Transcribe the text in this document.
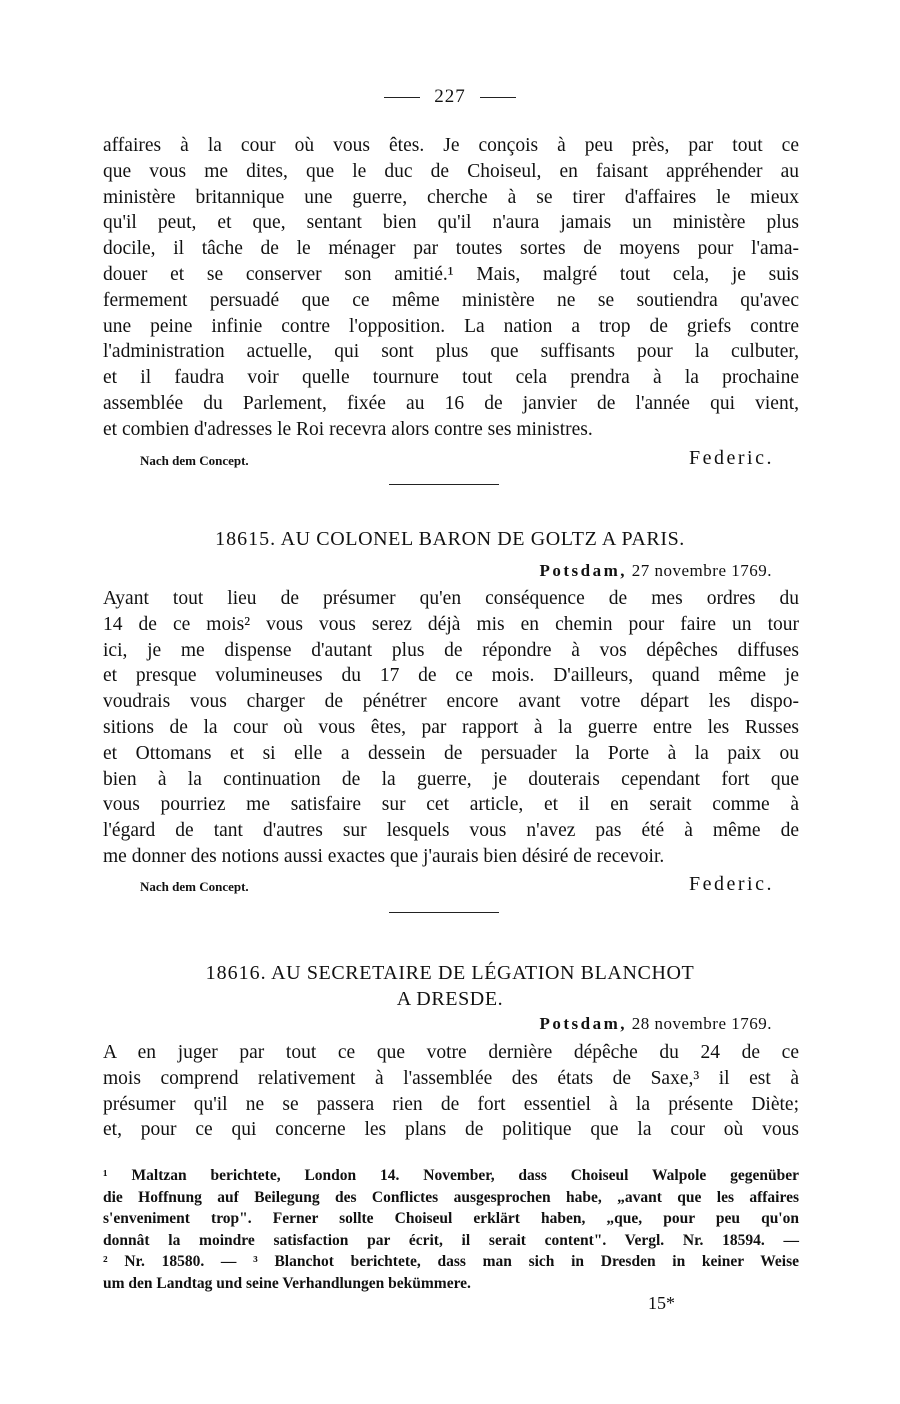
227
affaires à la cour où vous êtes. Je conçois à peu près, par tout ce
que vous me dites, que le duc de Choiseul, en faisant appréhender au
ministère britannique une guerre, cherche à se tirer d'affaires le mieux
qu'il peut, et que, sentant bien qu'il n'aura jamais un ministère plus
docile, il tâche de le ménager par toutes sortes de moyens pour l'ama-
douer et se conserver son amitié.¹ Mais, malgré tout cela, je suis
fermement persuadé que ce même ministère ne se soutiendra qu'avec
une peine infinie contre l'opposition. La nation a trop de griefs contre
l'administration actuelle, qui sont plus que suffisants pour la culbuter,
et il faudra voir quelle tournure tout cela prendra à la prochaine
assemblée du Parlement, fixée au 16 de janvier de l'année qui vient,
et combien d'adresses le Roi recevra alors contre ses ministres.
Nach dem Concept.	Federic.
18615. AU COLONEL BARON DE GOLTZ A PARIS.
Potsdam, 27 novembre 1769.
Ayant tout lieu de présumer qu'en conséquence de mes ordres du
14 de ce mois² vous vous serez déjà mis en chemin pour faire un tour
ici, je me dispense d'autant plus de répondre à vos dépêches diffuses
et presque volumineuses du 17 de ce mois. D'ailleurs, quand même je
voudrais vous charger de pénétrer encore avant votre départ les dispo-
sitions de la cour où vous êtes, par rapport à la guerre entre les Russes
et Ottomans et si elle a dessein de persuader la Porte à la paix ou
bien à la continuation de la guerre, je douterais cependant fort que
vous pourriez me satisfaire sur cet article, et il en serait comme à
l'égard de tant d'autres sur lesquels vous n'avez pas été à même de
me donner des notions aussi exactes que j'aurais bien désiré de recevoir.
Nach dem Concept.	Federic.
18616. AU SECRETAIRE DE LÉGATION BLANCHOT
A DRESDE.
Potsdam, 28 novembre 1769.
A en juger par tout ce que votre dernière dépêche du 24 de ce
mois comprend relativement à l'assemblée des états de Saxe,³ il est à
présumer qu'il ne se passera rien de fort essentiel à la présente Diète;
et, pour ce qui concerne les plans de politique que la cour où vous
¹ Maltzan berichtete, London 14. November, dass Choiseul Walpole gegenüber
die Hoffnung auf Beilegung des Conflictes ausgesprochen habe, „avant que les affaires
s'enveniment trop". Ferner sollte Choiseul erklärt haben, „que, pour peu qu'on
donnât la moindre satisfaction par écrit, il serait content". Vergl. Nr. 18594. —
² Nr. 18580. — ³ Blanchot berichtete, dass man sich in Dresden in keiner Weise
um den Landtag und seine Verhandlungen bekümmere.
15*
